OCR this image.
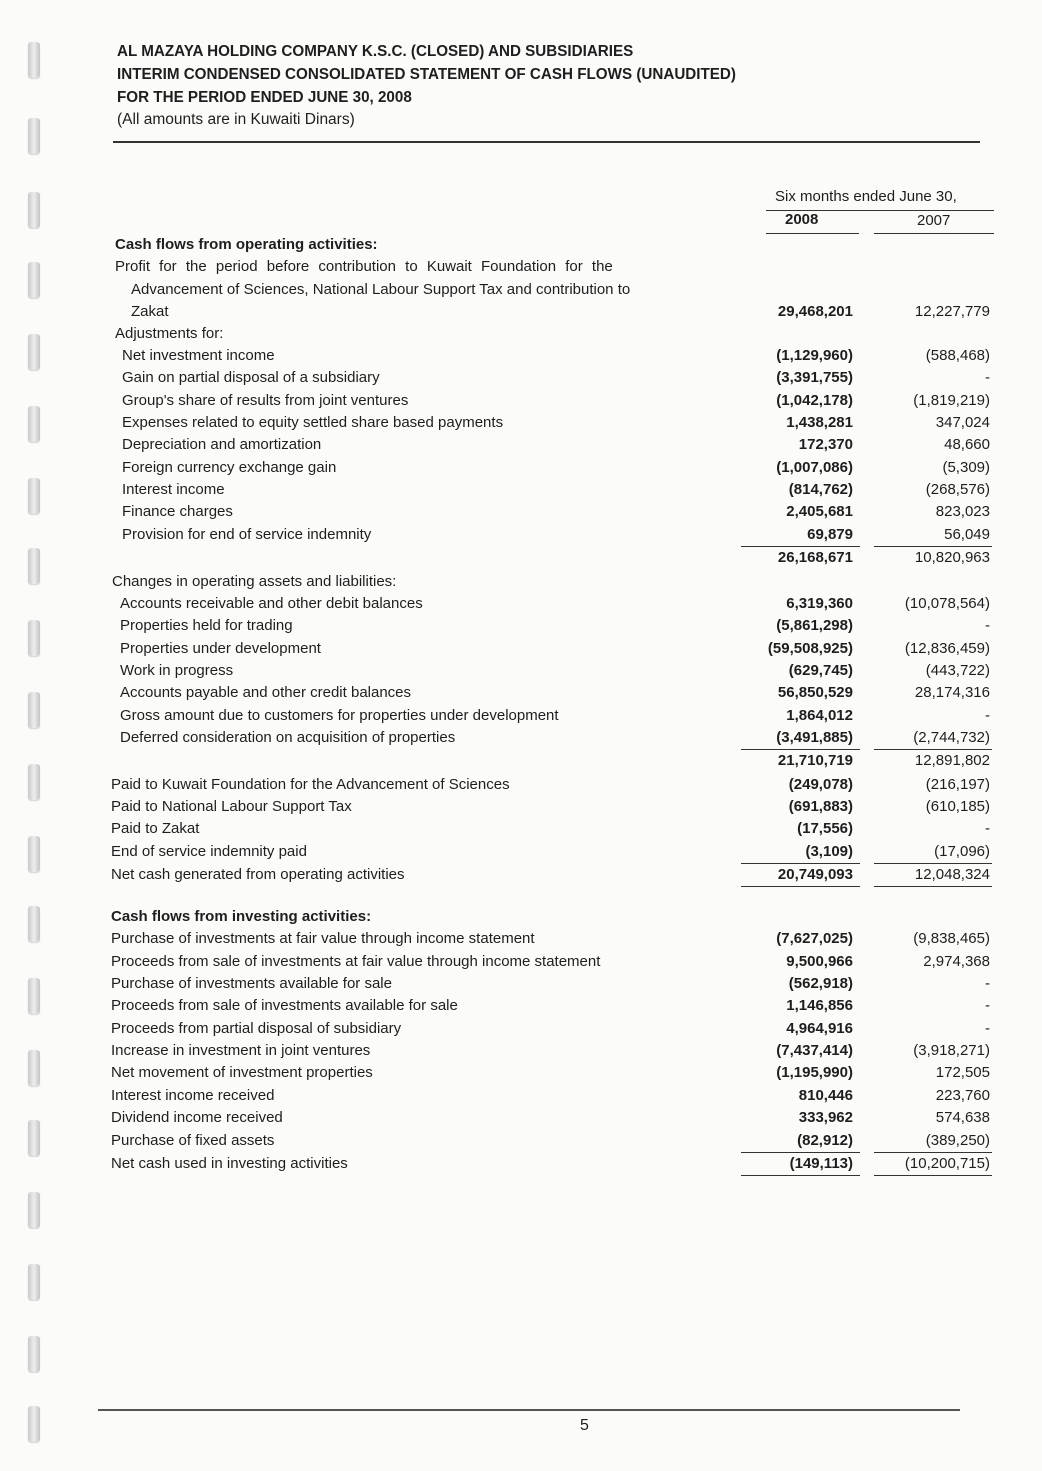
AL MAZAYA HOLDING COMPANY K.S.C. (CLOSED) AND SUBSIDIARIES
INTERIM CONDENSED CONSOLIDATED STATEMENT OF CASH FLOWS (UNAUDITED)
FOR THE PERIOD ENDED JUNE 30, 2008
(All amounts are in Kuwaiti Dinars)
Six months ended June 30,
2008	2007
Cash flows from operating activities:
Profit for the period before contribution to Kuwait Foundation for the
Advancement of Sciences, National Labour Support Tax and contribution to
Zakat	29,468,201	12,227,779
Adjustments for:
Net investment income	(1,129,960)	(588,468)
Gain on partial disposal of a subsidiary	(3,391,755)	-
Group's share of results from joint ventures	(1,042,178)	(1,819,219)
Expenses related to equity settled share based payments	1,438,281	347,024
Depreciation and amortization	172,370	48,660
Foreign currency exchange gain	(1,007,086)	(5,309)
Interest income	(814,762)	(268,576)
Finance charges	2,405,681	823,023
Provision for end of service indemnity	69,879	56,049
26,168,671	10,820,963
Changes in operating assets and liabilities:
Accounts receivable and other debit balances	6,319,360	(10,078,564)
Properties held for trading	(5,861,298)	-
Properties under development	(59,508,925)	(12,836,459)
Work in progress	(629,745)	(443,722)
Accounts payable and other credit balances	56,850,529	28,174,316
Gross amount due to customers for properties under development	1,864,012	-
Deferred consideration on acquisition of properties	(3,491,885)	(2,744,732)
21,710,719	12,891,802
Paid to Kuwait Foundation for the Advancement of Sciences	(249,078)	(216,197)
Paid to National Labour Support Tax	(691,883)	(610,185)
Paid to Zakat	(17,556)	-
End of service indemnity paid	(3,109)	(17,096)
Net cash generated from operating activities	20,749,093	12,048,324
Cash flows from investing activities:
Purchase of investments at fair value through income statement	(7,627,025)	(9,838,465)
Proceeds from sale of investments at fair value through income statement	9,500,966	2,974,368
Purchase of investments available for sale	(562,918)	-
Proceeds from sale of investments available for sale	1,146,856	-
Proceeds from partial disposal of subsidiary	4,964,916	-
Increase in investment in joint ventures	(7,437,414)	(3,918,271)
Net movement of investment properties	(1,195,990)	172,505
Interest income received	810,446	223,760
Dividend income received	333,962	574,638
Purchase of fixed assets	(82,912)	(389,250)
Net cash used in investing activities	(149,113)	(10,200,715)
5
